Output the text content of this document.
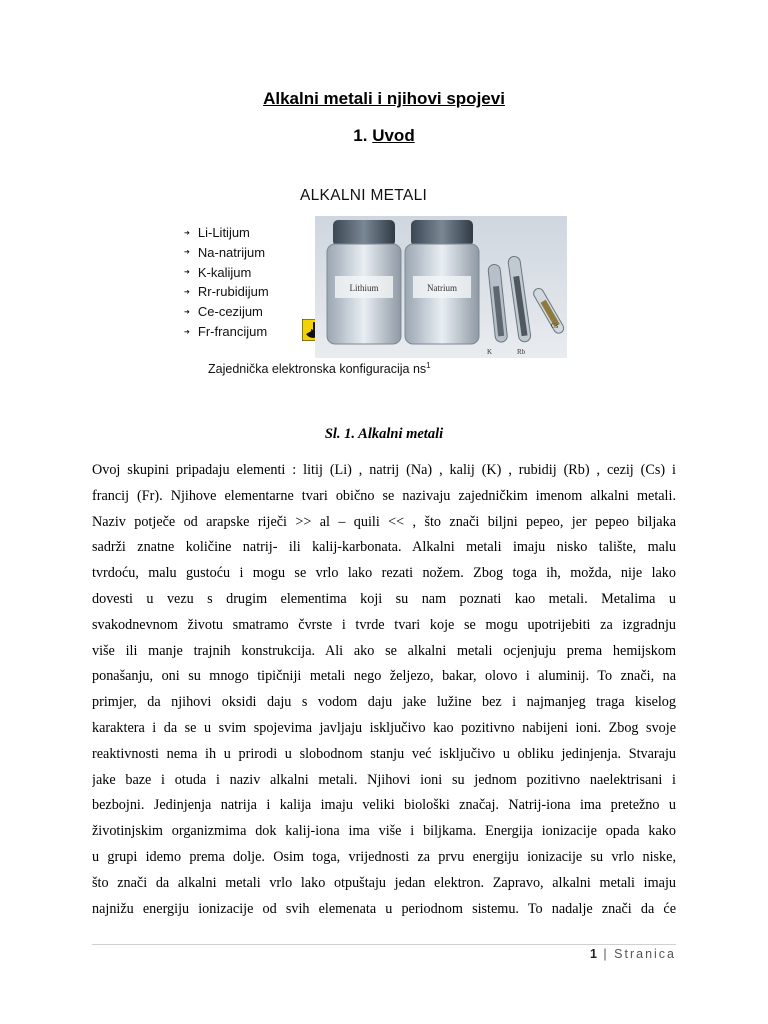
Alkalni metali i njihovi spojevi
1. Uvod
ALKALNI METALI
➜ Li-Litijum
➜ Na-natrijum
➜ K-kalijum
➜ Rr-rubidijum
➜ Ce-cezijum
➜ Fr-francijum
Lithium	Natrium
K	Rb
Cs
Zajednička elektronska konfiguracija $ns^1$
Sl. 1. Alkalni metali
Ovoj skupini pripadaju elementi : litij (Li) , natrij (Na) , kalij (K) , rubidij (Rb) , cezij (Cs) i
francij (Fr). Njihove elementarne tvari obično se nazivaju zajedničkim imenom alkalni metali.
Naziv potječe od arapske riječi >> al – quili << , što znači biljni pepeo, jer pepeo biljaka
sadrži znatne količine natrij- ili kalij-karbonata. Alkalni metali imaju nisko talište, malu
tvrdoću, malu gustoću i mogu se vrlo lako rezati nožem. Zbog toga ih, možda, nije lako
dovesti u vezu s drugim elementima koji su nam poznati kao metali. Metalima u
svakodnevnom životu smatramo čvrste i tvrde tvari koje se mogu upotrijebiti za izgradnju
više ili manje trajnih konstrukcija. Ali ako se alkalni metali ocjenjuju prema hemijskom
ponašanju, oni su mnogo tipičniji metali nego željezo, bakar, olovo i aluminij. To znači, na
primjer, da njihovi oksidi daju s vodom daju jake lužine bez i najmanjeg traga kiselog
karaktera i da se u svim spojevima javljaju isključivo kao pozitivno nabijeni ioni. Zbog svoje
reaktivnosti nema ih u prirodi u slobodnom stanju već isključivo u obliku jedinjenja. Stvaraju
jake baze i otuda i naziv alkalni metali. Njihovi ioni su jednom pozitivno naelektrisani i
bezbojni. Jedinjenja natrija i kalija imaju veliki biološki značaj. Natrij-iona ima pretežno u
životinjskim organizmima dok kalij-iona ima više i biljkama. Energija ionizacije opada kako
u grupi idemo prema dolje. Osim toga, vrijednosti za prvu energiju ionizacije su vrlo niske,
što znači da alkalni metali vrlo lako otpuštaju jedan elektron. Zapravo, alkalni metali imaju
najnižu energiju ionizacije od svih elemenata u periodnom sistemu. To nadalje znači da će
1 | Stranica
